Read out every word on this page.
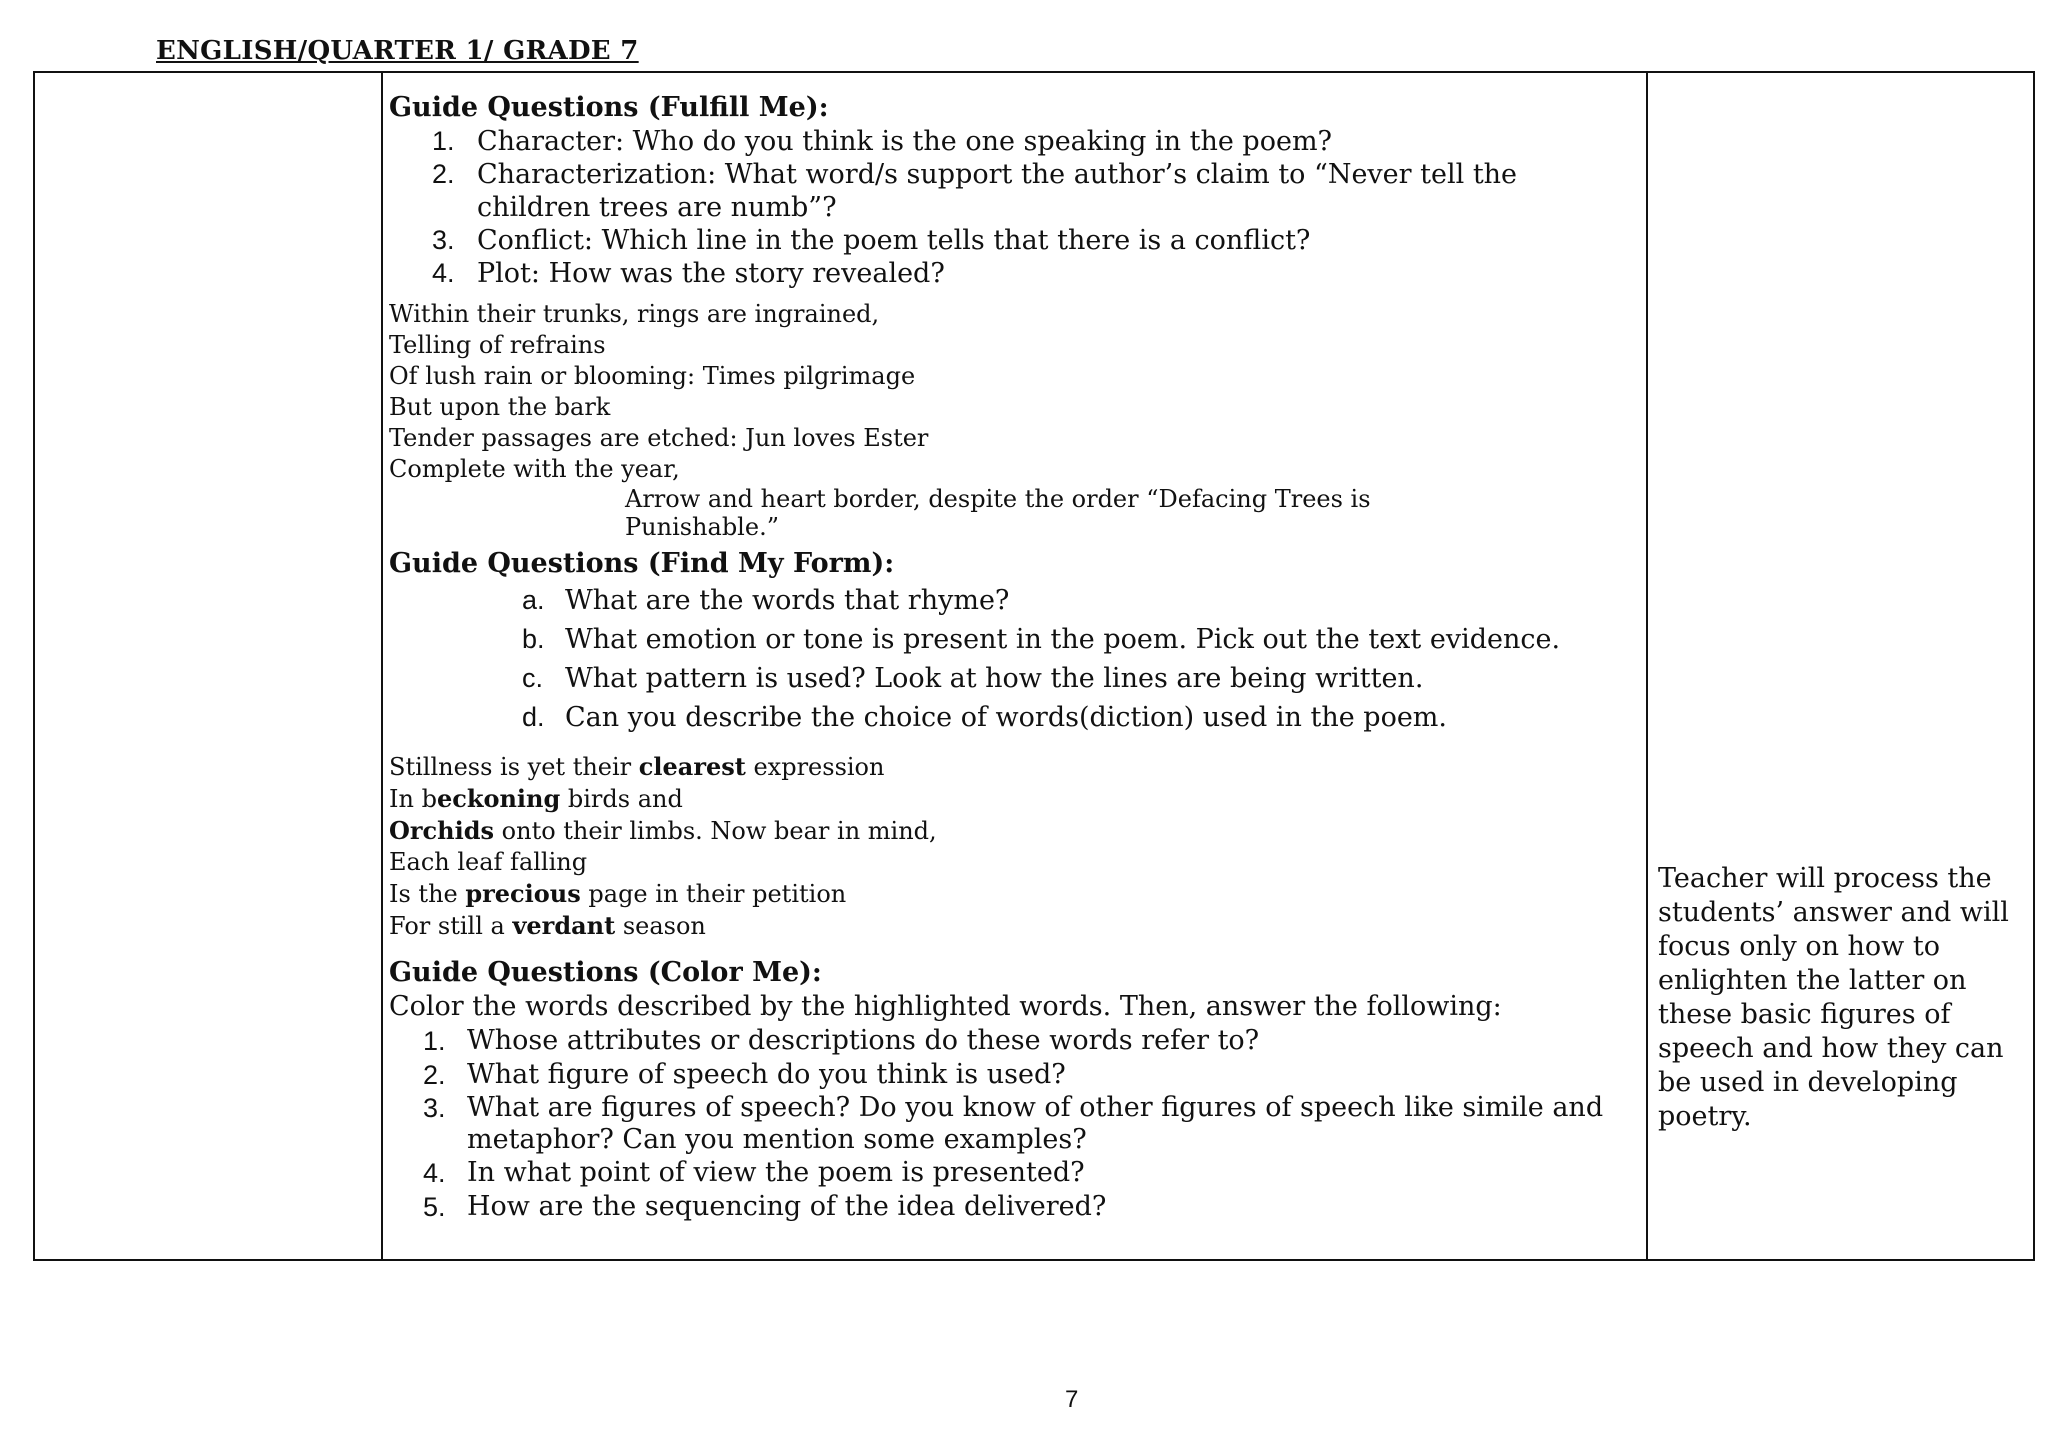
ENGLISH/QUARTER 1/ GRADE 7
Guide Questions (Fulfill Me):
1. Character: Who do you think is the one speaking in the poem?
2. Characterization: What word/s support the author’s claim to “Never tell the children trees are numb”?
3. Conflict: Which line in the poem tells that there is a conflict?
4. Plot: How was the story revealed?
Within their trunks, rings are ingrained,
Telling of refrains
Of lush rain or blooming: Times pilgrimage
But upon the bark
Tender passages are etched: Jun loves Ester
Complete with the year,
Arrow and heart border, despite the order “Defacing Trees is
Punishable.”
Guide Questions (Find My Form):
a. What are the words that rhyme?
b. What emotion or tone is present in the poem. Pick out the text evidence.
c. What pattern is used? Look at how the lines are being written.
d. Can you describe the choice of words(diction) used in the poem.
Stillness is yet their clearest expression
In beckoning birds and
Orchids onto their limbs. Now bear in mind,
Each leaf falling
Is the precious page in their petition
For still a verdant season
Guide Questions (Color Me):
Color the words described by the highlighted words. Then, answer the following:
1. Whose attributes or descriptions do these words refer to?
2. What figure of speech do you think is used?
3. What are figures of speech? Do you know of other figures of speech like simile and metaphor? Can you mention some examples?
4. In what point of view the poem is presented?
5. How are the sequencing of the idea delivered?
Teacher will process the students’ answer and will focus only on how to enlighten the latter on these basic figures of speech and how they can be used in developing poetry.
7
